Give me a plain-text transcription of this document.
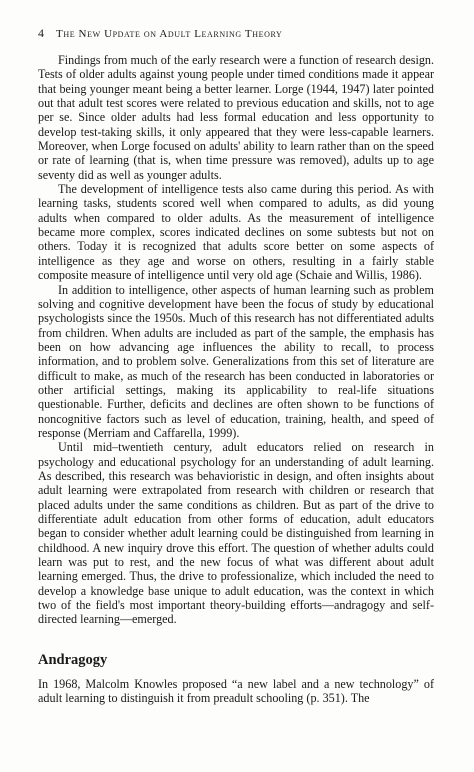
4	The New Update on Adult Learning Theory

Findings from much of the early research were a function of research design. Tests of older adults against young people under timed conditions made it appear that being younger meant being a better learner. Lorge (1944, 1947) later pointed out that adult test scores were related to previous education and skills, not to age per se. Since older adults had less formal education and less opportunity to develop test-taking skills, it only appeared that they were less-capable learners. Moreover, when Lorge focused on adults' ability to learn rather than on the speed or rate of learning (that is, when time pressure was removed), adults up to age seventy did as well as younger adults.

The development of intelligence tests also came during this period. As with learning tasks, students scored well when compared to adults, as did young adults when compared to older adults. As the measurement of intelligence became more complex, scores indicated declines on some subtests but not on others. Today it is recognized that adults score better on some aspects of intelligence as they age and worse on others, resulting in a fairly stable composite measure of intelligence until very old age (Schaie and Willis, 1986).

In addition to intelligence, other aspects of human learning such as problem solving and cognitive development have been the focus of study by educational psychologists since the 1950s. Much of this research has not differentiated adults from children. When adults are included as part of the sample, the emphasis has been on how advancing age influences the ability to recall, to process information, and to problem solve. Generalizations from this set of literature are difficult to make, as much of the research has been conducted in laboratories or other artificial settings, making its applicability to real-life situations questionable. Further, deficits and declines are often shown to be functions of noncognitive factors such as level of education, training, health, and speed of response (Merriam and Caffarella, 1999).

Until mid–twentieth century, adult educators relied on research in psychology and educational psychology for an understanding of adult learning. As described, this research was behavioristic in design, and often insights about adult learning were extrapolated from research with children or research that placed adults under the same conditions as children. But as part of the drive to differentiate adult education from other forms of education, adult educators began to consider whether adult learning could be distinguished from learning in childhood. A new inquiry drove this effort. The question of whether adults could learn was put to rest, and the new focus of what was different about adult learning emerged. Thus, the drive to professionalize, which included the need to develop a knowledge base unique to adult education, was the context in which two of the field's most important theory-building efforts—andragogy and self-directed learning—emerged.

Andragogy

In 1968, Malcolm Knowles proposed “a new label and a new technology” of adult learning to distinguish it from preadult schooling (p. 351). The
